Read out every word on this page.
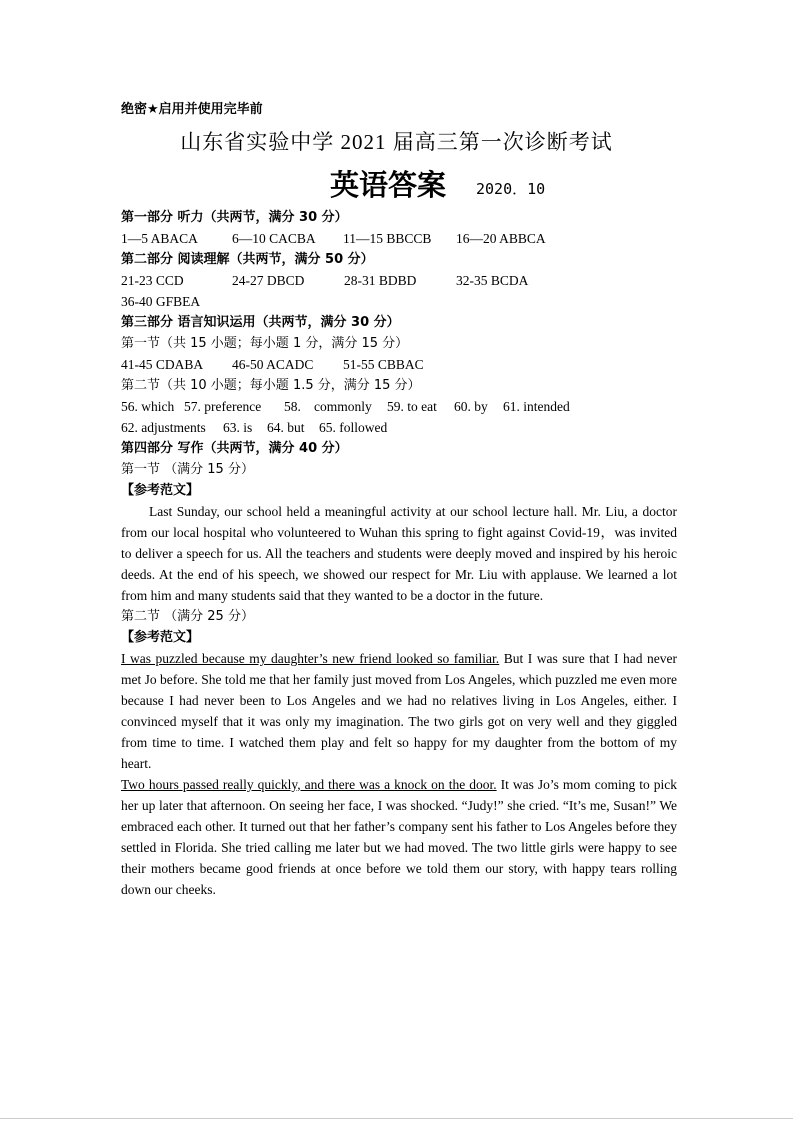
绝密★启用并使用完毕前
山东省实验中学 2021 届高三第一次诊断考试
英语答案 2020．10
第一部分 听力（共两节，满分 30 分）
1—5 ABACA	6—10 CACBA 11—15 BBCCB 16—20 ABBCA
第二部分 阅读理解（共两节，满分 50 分）
21-23 CCD	24-27 DBCD	28-31 BDBD	32-35 BCDA
36-40 GFBEA
第三部分 语言知识运用（共两节，满分 30 分）
第一节（共 15 小题；每小题 1 分，满分 15 分）
41-45 CDABA 46-50 ACADC 51-55 CBBAC
第二节（共 10 小题；每小题 1.5 分，满分 15 分）
56. which 57. preference 58. commonly 59. to eat 60. by 61. intended
62. adjustments 63. is 64. but 65. followed
第四部分 写作（共两节，满分 40 分）
第一节 （满分 15 分）
【参考范文】

Last Sunday, our school held a meaningful activity at our school lecture hall. Mr. Liu, a doctor from our local hospital who volunteered to Wuhan this spring to fight against Covid-19，was invited to deliver a speech for us. All the teachers and students were deeply moved and inspired by his heroic deeds. At the end of his speech, we showed our respect for Mr. Liu with applause. We learned a lot from him and many students said that they wanted to be a doctor in the future.

第二节 （满分 25 分）
【参考范文】

I was puzzled because my daughter’s new friend looked so familiar. But I was sure that I had never met Jo before. She told me that her family just moved from Los Angeles, which puzzled me even more because I had never been to Los Angeles and we had no relatives living in Los Angeles, either. I convinced myself that it was only my imagination. The two girls got on very well and they giggled from time to time. I watched them play and felt so happy for my daughter from the bottom of my heart.

Two hours passed really quickly, and there was a knock on the door. It was Jo’s mom coming to pick her up later that afternoon. On seeing her face, I was shocked. “Judy!” she cried. “It’s me, Susan!” We embraced each other. It turned out that her father’s company sent his father to Los Angeles before they settled in Florida. She tried calling me later but we had moved. The two little girls were happy to see their mothers became good friends at once before we told them our story, with happy tears rolling down our cheeks.
